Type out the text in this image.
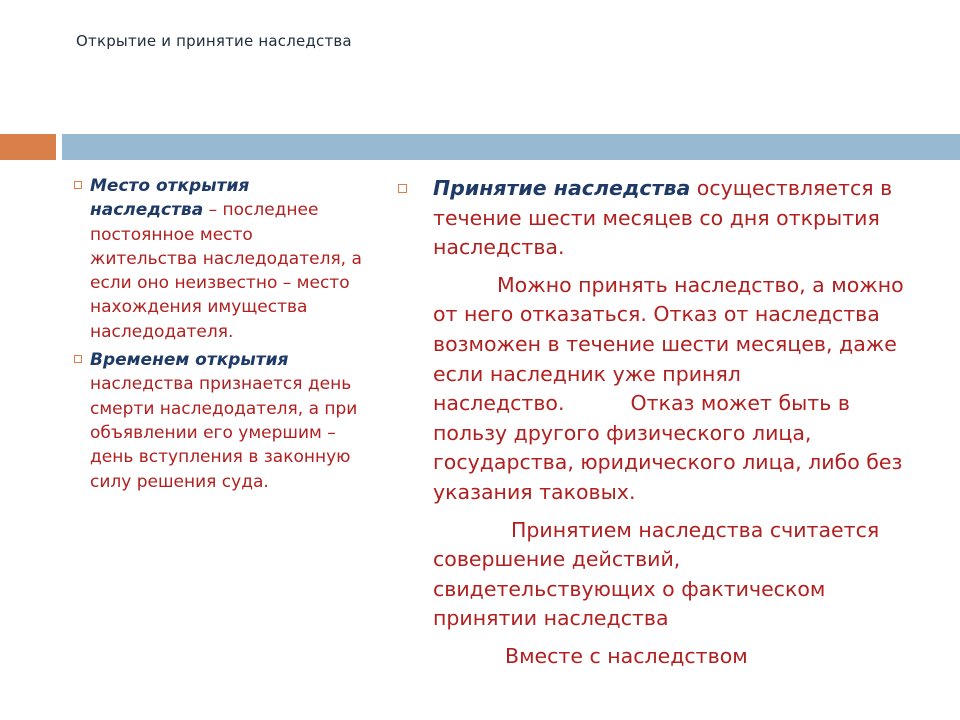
Открытие и принятие наследства
Место открытия наследства – последнее постоянное место жительства наследодателя, а если оно неизвестно – место нахождения имущества наследодателя.
Временем открытия наследства признается день смерти наследодателя, а при объявлении его умершим – день вступления в законную силу решения суда.

Принятие наследства осуществляется в течение шести месяцев со дня открытия наследства.

Можно принять наследство, а можно от него отказаться. Отказ от наследства возможен в течение шести месяцев, даже если наследник уже принял наследство.	Отказ может быть в пользу другого физического лица, государства, юридического лица, либо без указания таковых.

Принятием наследства считается совершение действий, свидетельствующих о фактическом принятии наследства

Вместе с наследством
